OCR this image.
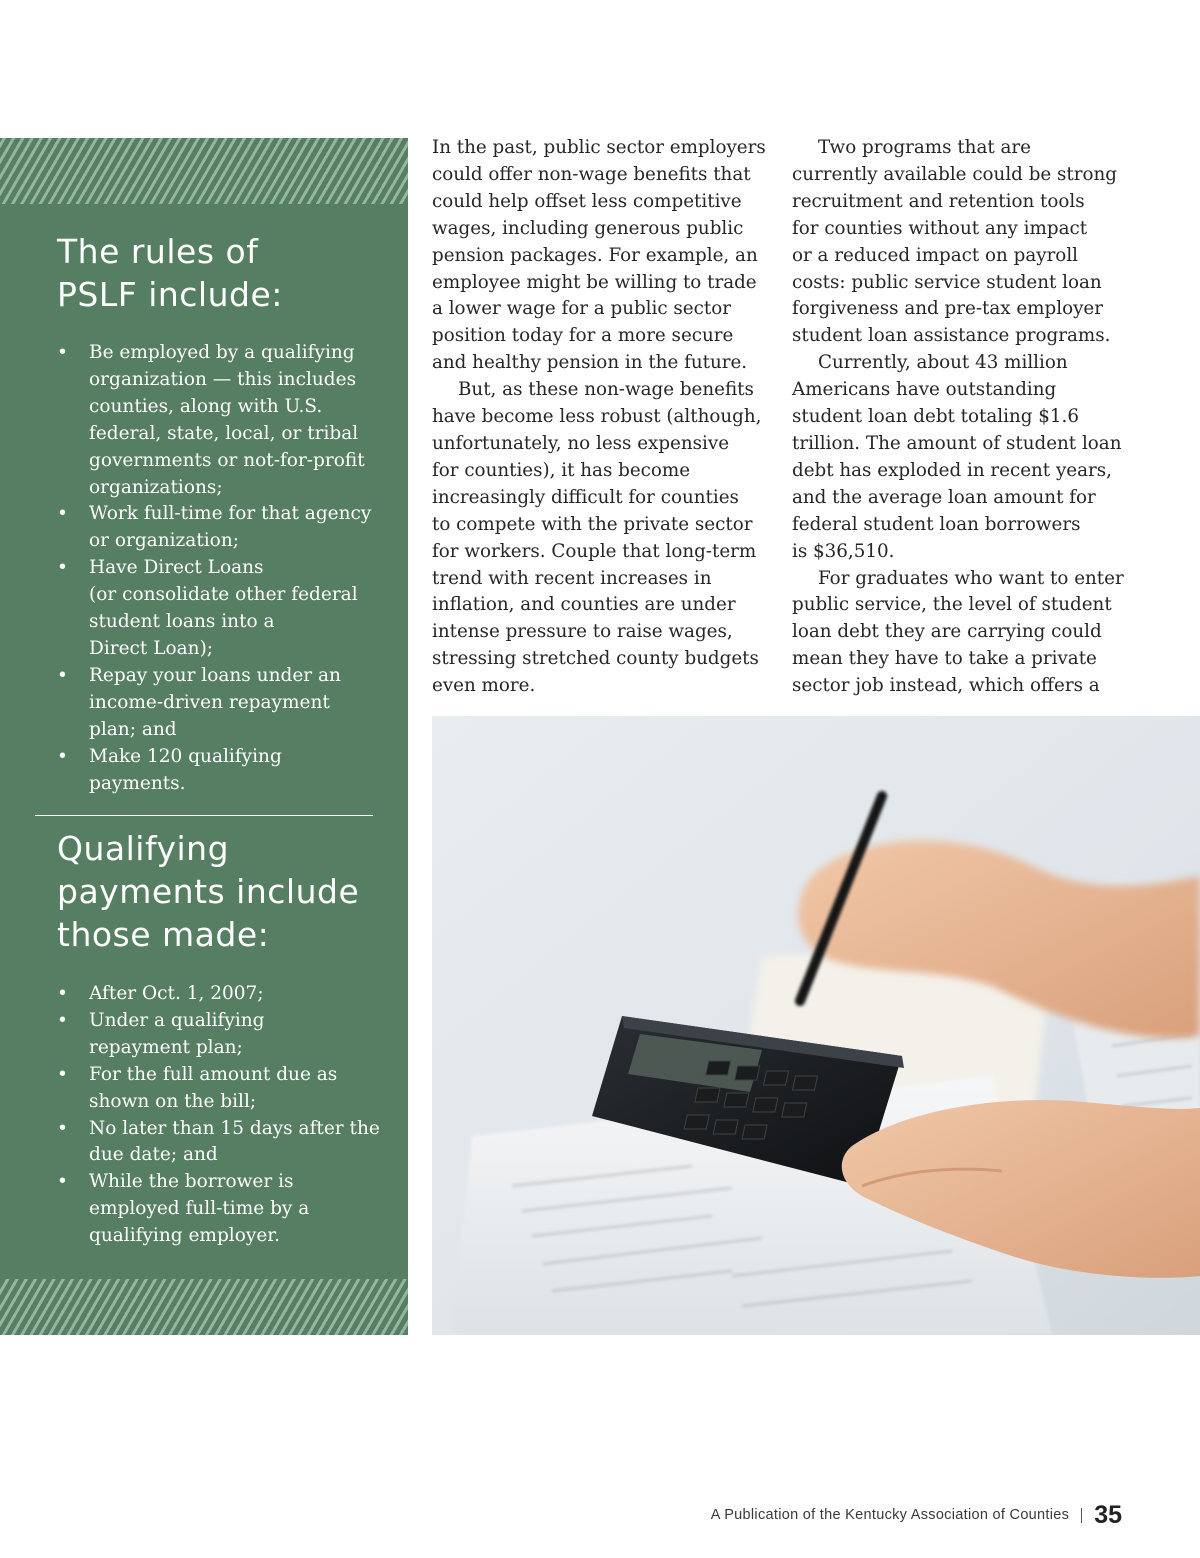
The rules of
PSLF include:
• Be employed by a qualifying
organization — this includes
counties, along with U.S.
federal, state, local, or tribal
governments or not-for-profit
organizations;
• Work full-time for that agency
or organization;
• Have Direct Loans
(or consolidate other federal
student loans into a
Direct Loan);
• Repay your loans under an
income-driven repayment
plan; and
• Make 120 qualifying
payments.
Qualifying
payments include
those made:
• After Oct. 1, 2007;
• Under a qualifying
repayment plan;
• For the full amount due as
shown on the bill;
• No later than 15 days after the
due date; and
• While the borrower is
employed full-time by a
qualifying employer.

In the past, public sector employers
could offer non-wage benefits that
could help offset less competitive
wages, including generous public
pension packages. For example, an
employee might be willing to trade
a lower wage for a public sector
position today for a more secure
and healthy pension in the future.

But, as these non-wage benefits
have become less robust (although,
unfortunately, no less expensive
for counties), it has become
increasingly difficult for counties
to compete with the private sector
for workers. Couple that long-term
trend with recent increases in
inflation, and counties are under
intense pressure to raise wages,
stressing stretched county budgets
even more.

Two programs that are
currently available could be strong
recruitment and retention tools
for counties without any impact
or a reduced impact on payroll
costs: public service student loan
forgiveness and pre-tax employer
student loan assistance programs.

Currently, about 43 million
Americans have outstanding
student loan debt totaling $1.6
trillion. The amount of student loan
debt has exploded in recent years,
and the average loan amount for
federal student loan borrowers
is $36,510.

For graduates who want to enter
public service, the level of student
loan debt they are carrying could
mean they have to take a private
sector job instead, which offers a

A Publication of the Kentucky Association of Counties 35
